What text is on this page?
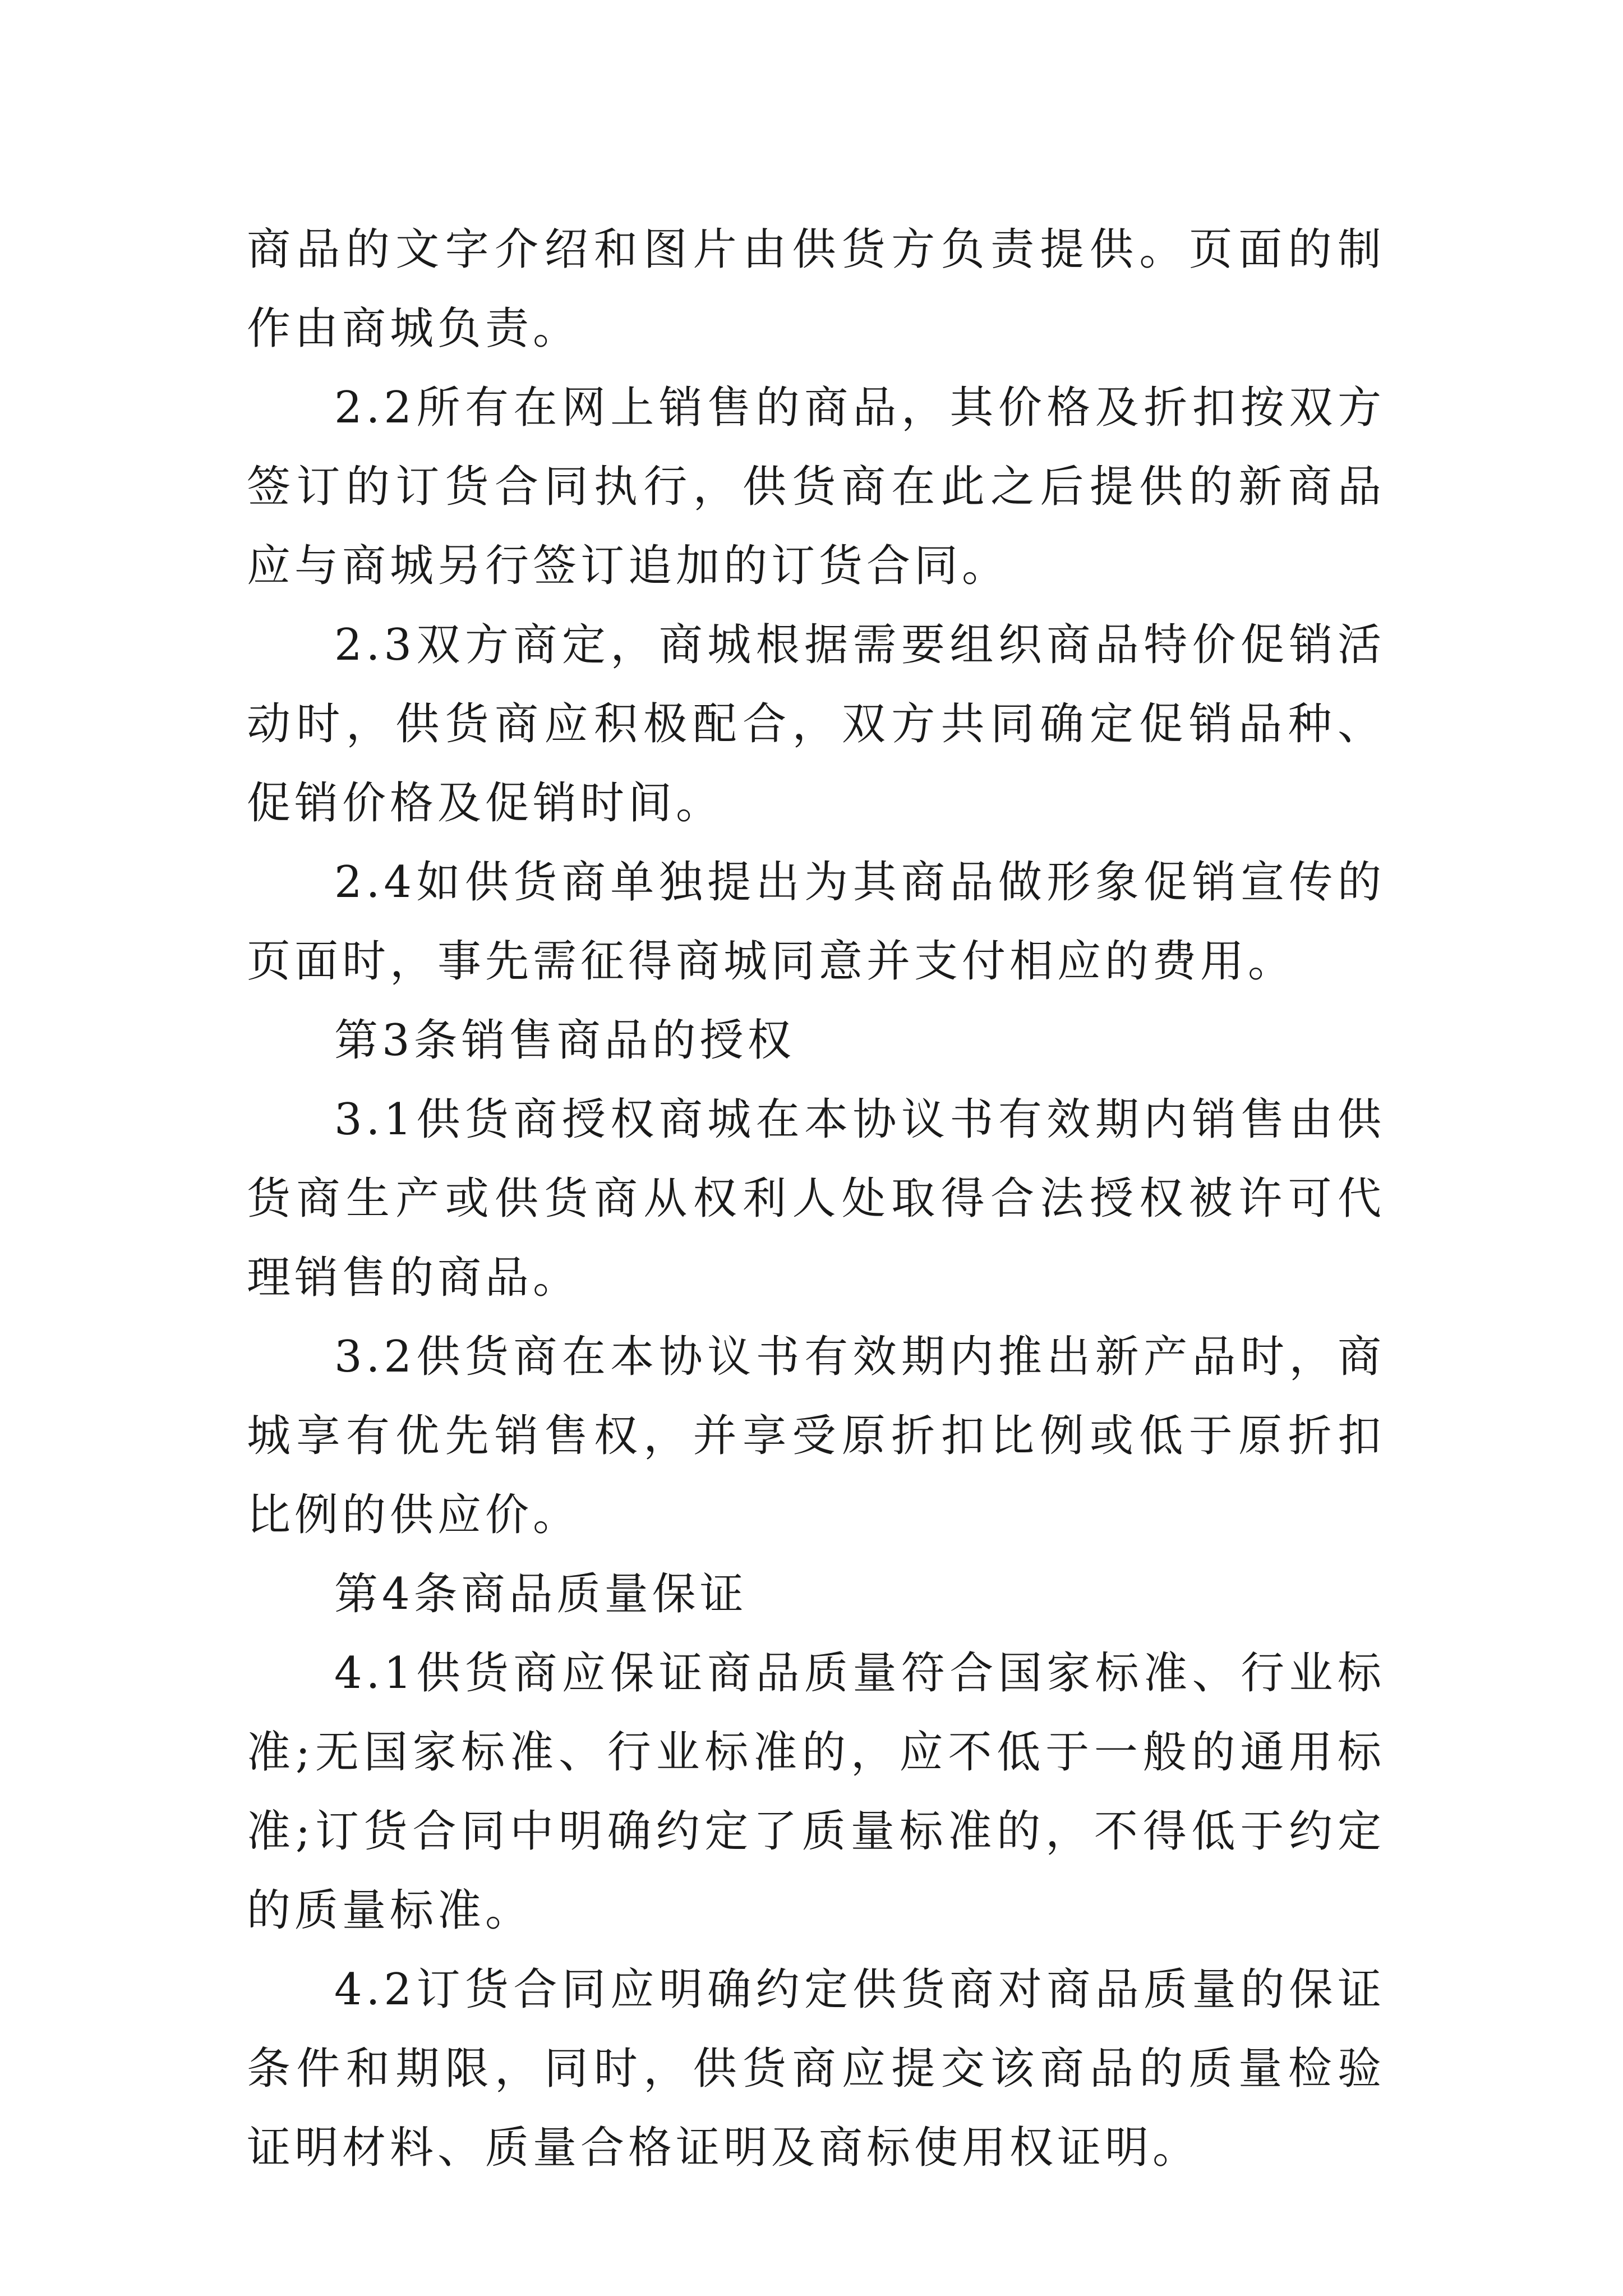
商品的文字介绍和图片由供货方负责提供。页面的制作由商城负责。

2.2所有在网上销售的商品，其价格及折扣按双方签订的订货合同执行，供货商在此之后提供的新商品应与商城另行签订追加的订货合同。

2.3双方商定，商城根据需要组织商品特价促销活动时，供货商应积极配合，双方共同确定促销品种、促销价格及促销时间。

2.4如供货商单独提出为其商品做形象促销宣传的页面时，事先需征得商城同意并支付相应的费用。

第3条销售商品的授权

3.1供货商授权商城在本协议书有效期内销售由供货商生产或供货商从权利人处取得合法授权被许可代理销售的商品。

3.2供货商在本协议书有效期内推出新产品时，商城享有优先销售权，并享受原折扣比例或低于原折扣比例的供应价。

第4条商品质量保证

4.1供货商应保证商品质量符合国家标准、行业标准;无国家标准、行业标准的，应不低于一般的通用标准;订货合同中明确约定了质量标准的，不得低于约定的质量标准。

4.2订货合同应明确约定供货商对商品质量的保证条件和期限，同时，供货商应提交该商品的质量检验证明材料、质量合格证明及商标使用权证明。
